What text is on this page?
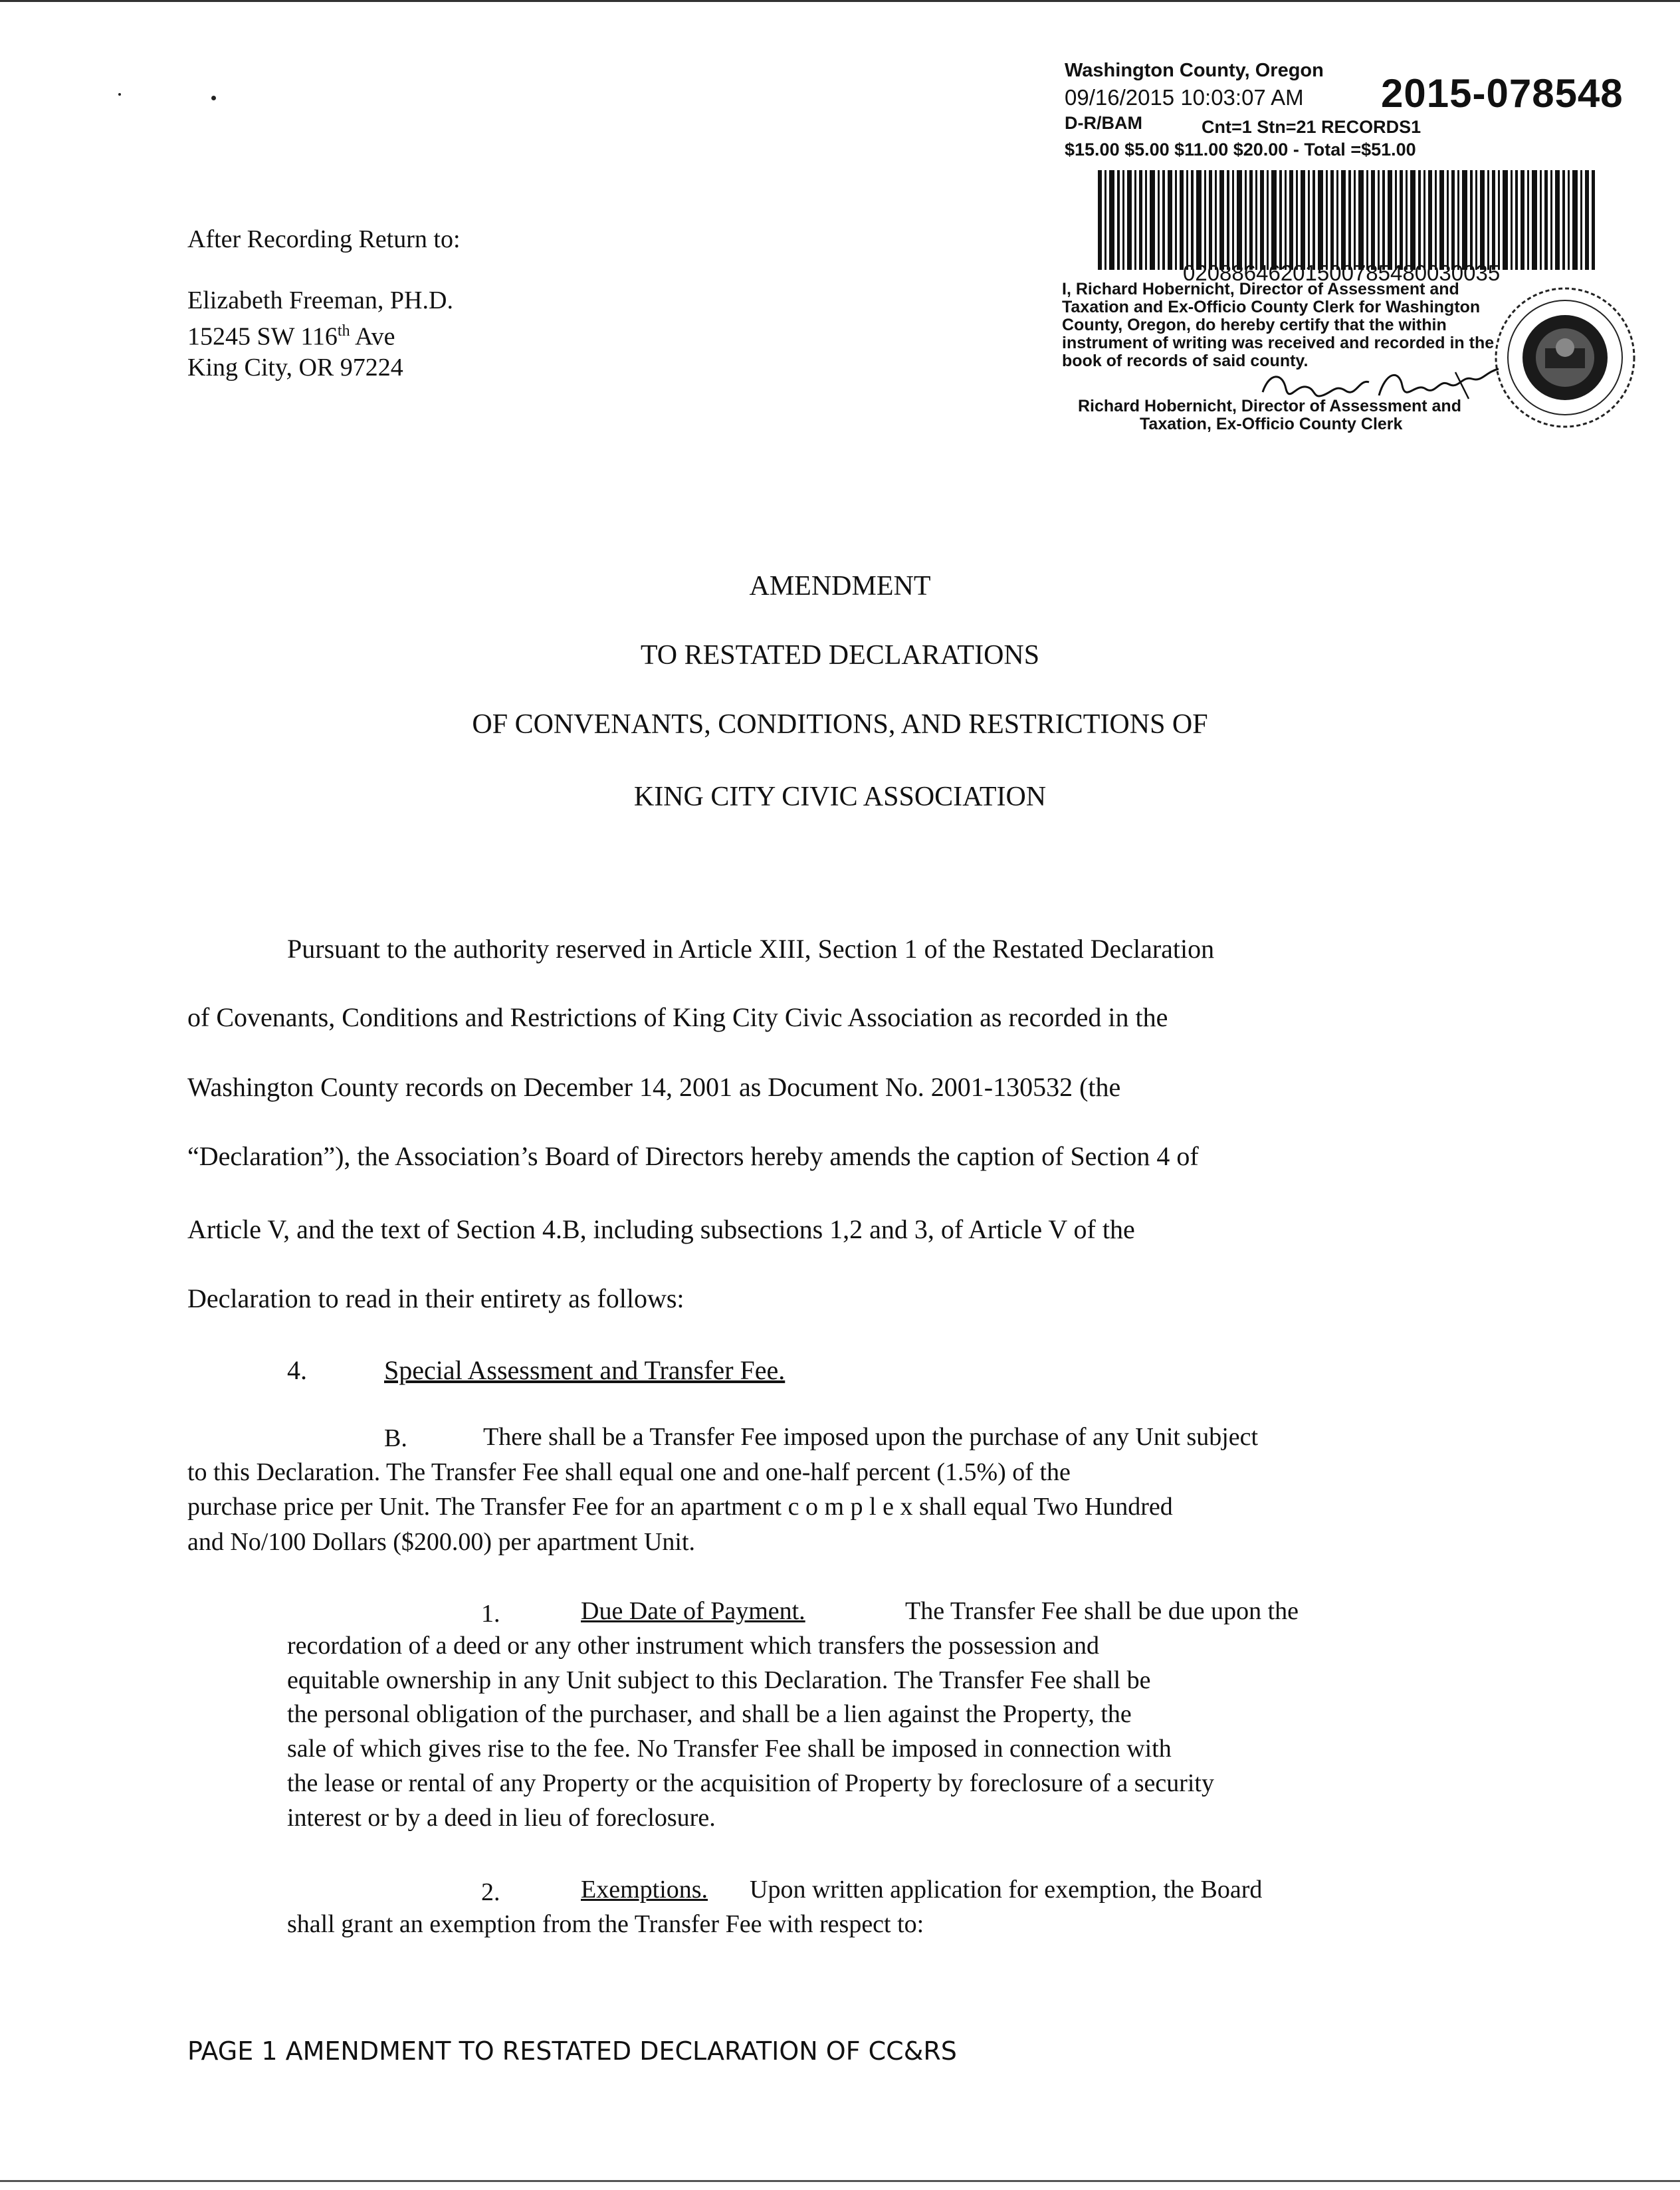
Washington County, Oregon
09/16/2015 10:03:07 AM 2015-078548
D-R/BAM	Cnt=1 Stn=21 RECORDS1
$15.00 $5.00 $11.00 $20.00 - Total =$51.00
02088646201500785480030035
I, Richard Hobernicht, Director of Assessment and
Taxation and Ex-Officio County Clerk for Washington
County, Oregon, do hereby certify that the within
instrument of writing was received and recorded in the
book of records of said county.
Richard Hobernicht, Director of Assessment and
Taxation, Ex-Officio County Clerk
After Recording Return to:
Elizabeth Freeman, PH.D.
15245 SW 116th Ave
King City, OR 97224
AMENDMENT
TO RESTATED DECLARATIONS
OF CONVENANTS, CONDITIONS, AND RESTRICTIONS OF
KING CITY CIVIC ASSOCIATION
Pursuant to the authority reserved in Article XIII, Section 1 of the Restated Declaration
of Covenants, Conditions and Restrictions of King City Civic Association as recorded in the
Washington County records on December 14, 2001 as Document No. 2001-130532 (the
“Declaration”), the Association’s Board of Directors hereby amends the caption of Section 4 of
Article V, and the text of Section 4.B, including subsections 1,2 and 3, of Article V of the
Declaration to read in their entirety as follows:
4.	Special Assessment and Transfer Fee.
B.	There shall be a Transfer Fee imposed upon the purchase of any Unit subject
to this Declaration. The Transfer Fee shall equal one and one-half percent (1.5%) of the
purchase price per Unit. The Transfer Fee for an apartment c o m p l e x shall equal Two Hundred
and No/100 Dollars ($200.00) per apartment Unit.
1.	Due Date of Payment.	The Transfer Fee shall be due upon the
recordation of a deed or any other instrument which transfers the possession and
equitable ownership in any Unit subject to this Declaration. The Transfer Fee shall be
the personal obligation of the purchaser, and shall be a lien against the Property, the
sale of which gives rise to the fee. No Transfer Fee shall be imposed in connection with
the lease or rental of any Property or the acquisition of Property by foreclosure of a security
interest or by a deed in lieu of foreclosure.
2.	Exemptions. Upon written application for exemption, the Board
shall grant an exemption from the Transfer Fee with respect to:
PAGE 1 AMENDMENT TO RESTATED DECLARATION OF CC&RS
